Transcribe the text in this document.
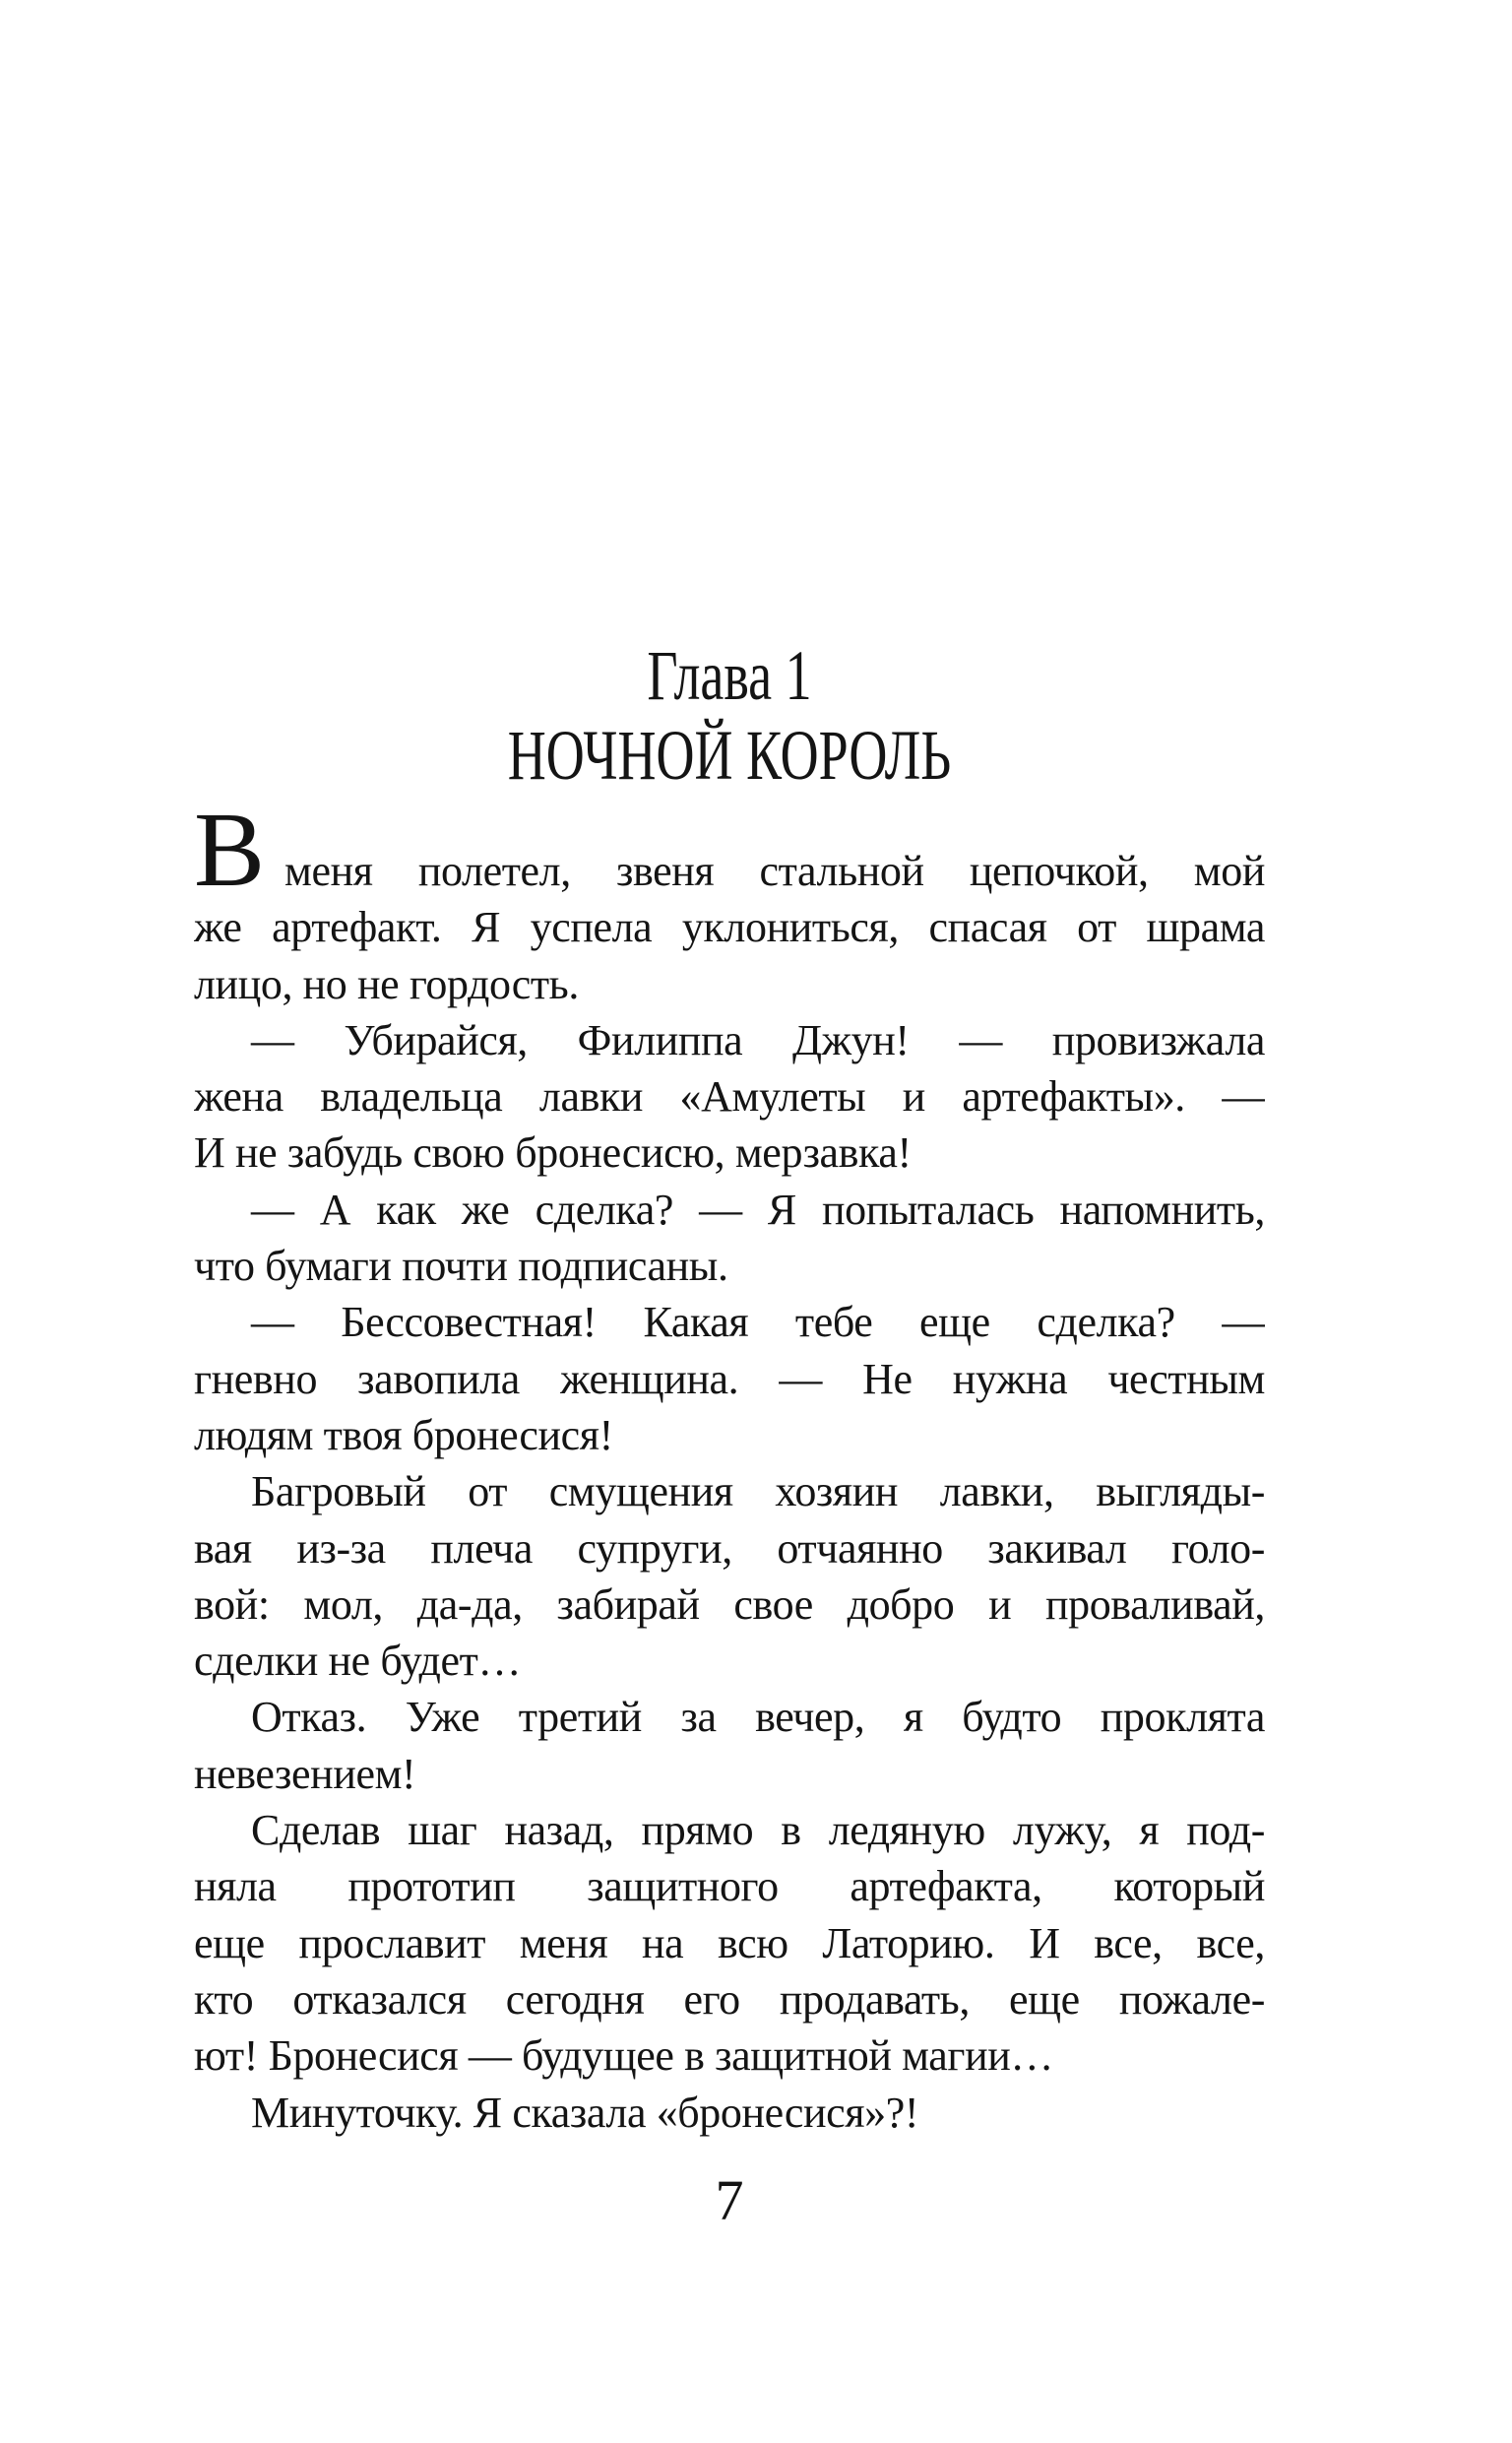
Глава 1
НОЧНОЙ КОРОЛЬ
Вменя полетел, звеня стальной цепочкой, мой
же артефакт. Я успела уклониться, спасая от шрама
лицо, но не гордость.
— Убирайся, Филиппа Джун! — провизжала
жена владельца лавки «Амулеты и артефакты». —
И не забудь свою бронесисю, мерзавка!
— А как же сделка? — Я попыталась напомнить,
что бумаги почти подписаны.
— Бессовестная! Какая тебе еще сделка? —
гневно завопила женщина. — Не нужна честным
людям твоя бронесися!
Багровый от смущения хозяин лавки, выгляды-
вая из-за плеча супруги, отчаянно закивал голо-
вой: мол, да-да, забирай свое добро и проваливай,
сделки не будет…
Отказ. Уже третий за вечер, я будто проклята
невезением!
Сделав шаг назад, прямо в ледяную лужу, я под-
няла прототип защитного артефакта, который
еще прославит меня на всю Латорию. И все, все,
кто отказался сегодня его продавать, еще пожале-
ют! Бронесися — будущее в защитной магии…
Минуточку. Я сказала «бронесися»?!
7
